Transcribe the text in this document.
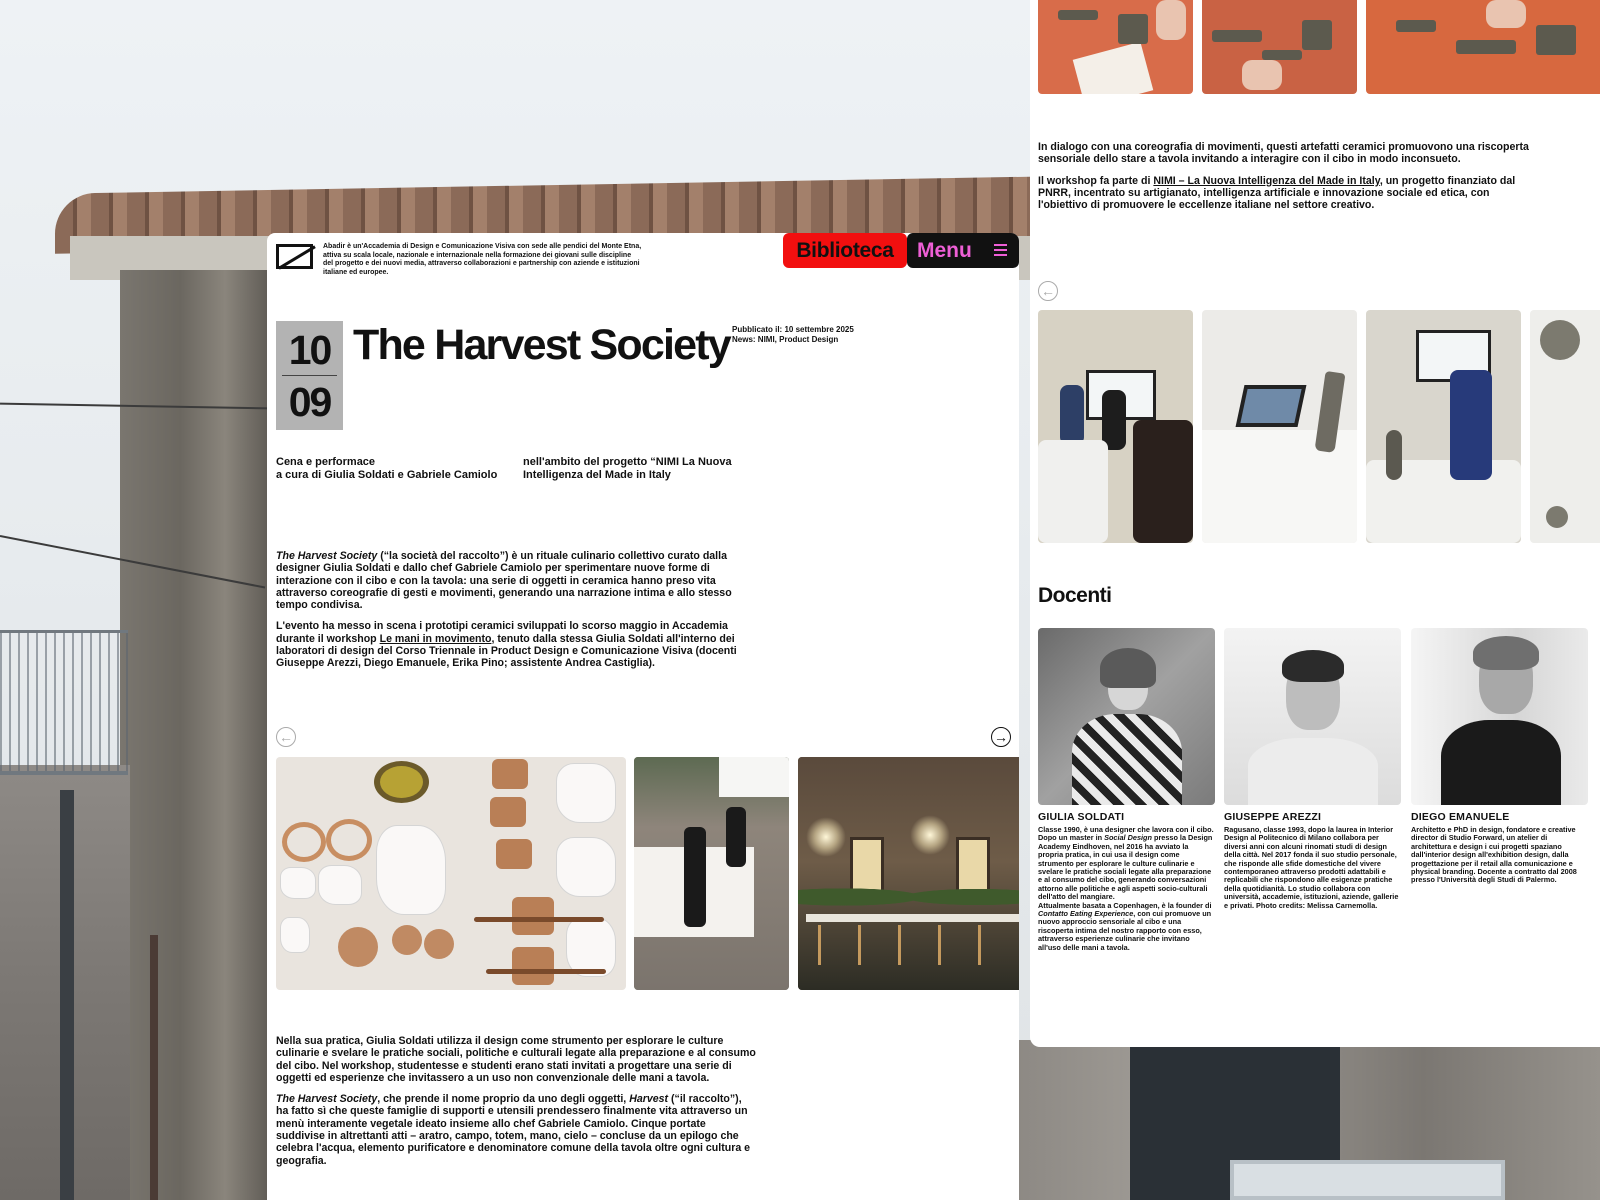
Abadir è un'Accademia di Design e Comunicazione Visiva con sede alle pendici del Monte Etna, attiva su scala locale, nazionale e internazionale nella formazione dei giovani sulle discipline del progetto e dei nuovi media, attraverso collaborazioni e partnership con aziende e istituzioni italiane ed europee.
Biblioteca	Menu
10
09
The Harvest Society Pubblicato il: 10 settembre 2025
News: NIMI, Product Design
Cena e performace
a cura di Giulia Soldati e Gabriele Camiolo
nell'ambito del progetto “NIMI La Nuova Intelligenza del Made in Italy

The Harvest Society (“la società del raccolto”) è un rituale culinario collettivo curato dalla designer Giulia Soldati e dallo chef Gabriele Camiolo per sperimentare nuove forme di interazione con il cibo e con la tavola: una serie di oggetti in ceramica hanno preso vita attraverso coreografie di gesti e movimenti, generando una narrazione intima e allo stesso tempo condivisa.

L'evento ha messo in scena i prototipi ceramici sviluppati lo scorso maggio in Accademia durante il workshop Le mani in movimento, tenuto dalla stessa Giulia Soldati all'interno dei laboratori di design del Corso Triennale in Product Design e Comunicazione Visiva (docenti Giuseppe Arezzi, Diego Emanuele, Erika Pino; assistente Andrea Castiglia).

←	→

Nella sua pratica, Giulia Soldati utilizza il design come strumento per esplorare le culture culinarie e svelare le pratiche sociali, politiche e culturali legate alla preparazione e al consumo del cibo. Nel workshop, studentesse e studenti erano stati invitati a progettare una serie di oggetti ed esperienze che invitassero a un uso non convenzionale delle mani a tavola.

The Harvest Society, che prende il nome proprio da uno degli oggetti, Harvest (“il raccolto”), ha fatto sì che queste famiglie di supporti e utensili prendessero finalmente vita attraverso un menù interamente vegetale ideato insieme allo chef Gabriele Camiolo. Cinque portate suddivise in altrettanti atti – aratro, campo, totem, mano, cielo – concluse da un epilogo che celebra l'acqua, elemento purificatore e denominatore comune della tavola oltre ogni cultura e geografia.

In dialogo con una coreografia di movimenti, questi artefatti ceramici promuovono una riscoperta sensoriale dello stare a tavola invitando a interagire con il cibo in modo inconsueto.

Il workshop fa parte di NIMI – La Nuova Intelligenza del Made in Italy, un progetto finanziato dal PNRR, incentrato su artigianato, intelligenza artificiale e innovazione sociale ed etica, con l'obiettivo di promuovere le eccellenze italiane nel settore creativo.

←
Docenti
GIULIA SOLDATI	GIUSEPPE AREZZI	DIEGO EMANUELE
Classe 1990, è una designer che lavora con il cibo. Dopo un master in Social Design presso la Design Academy Eindhoven, nel 2016 ha avviato la propria pratica, in cui usa il design come strumento per esplorare le culture culinarie e svelare le pratiche sociali legate alla preparazione e al consumo del cibo, generando conversazioni attorno alle politiche e agli aspetti socio-culturali dell'atto del mangiare.
Attualmente basata a Copenhagen, è la founder di Contatto Eating Experience, con cui promuove un nuovo approccio sensoriale al cibo e una riscoperta intima del nostro rapporto con esso, attraverso esperienze culinarie che invitano all'uso delle mani a tavola.
Ragusano, classe 1993, dopo la laurea in Interior Design al Politecnico di Milano collabora per diversi anni con alcuni rinomati studi di design della città. Nel 2017 fonda il suo studio personale, che risponde alle sfide domestiche del vivere contemporaneo attraverso prodotti adattabili e replicabili che rispondono alle esigenze pratiche della quotidianità. Lo studio collabora con università, accademie, istituzioni, aziende, gallerie e privati. Photo credits: Melissa Carnemolla.
Architetto e PhD in design, fondatore e creative director di Studio Forward, un atelier di architettura e design i cui progetti spaziano dall'interior design all'exhibition design, dalla progettazione per il retail alla comunicazione e physical branding. Docente a contratto dal 2008 presso l'Università degli Studi di Palermo.
